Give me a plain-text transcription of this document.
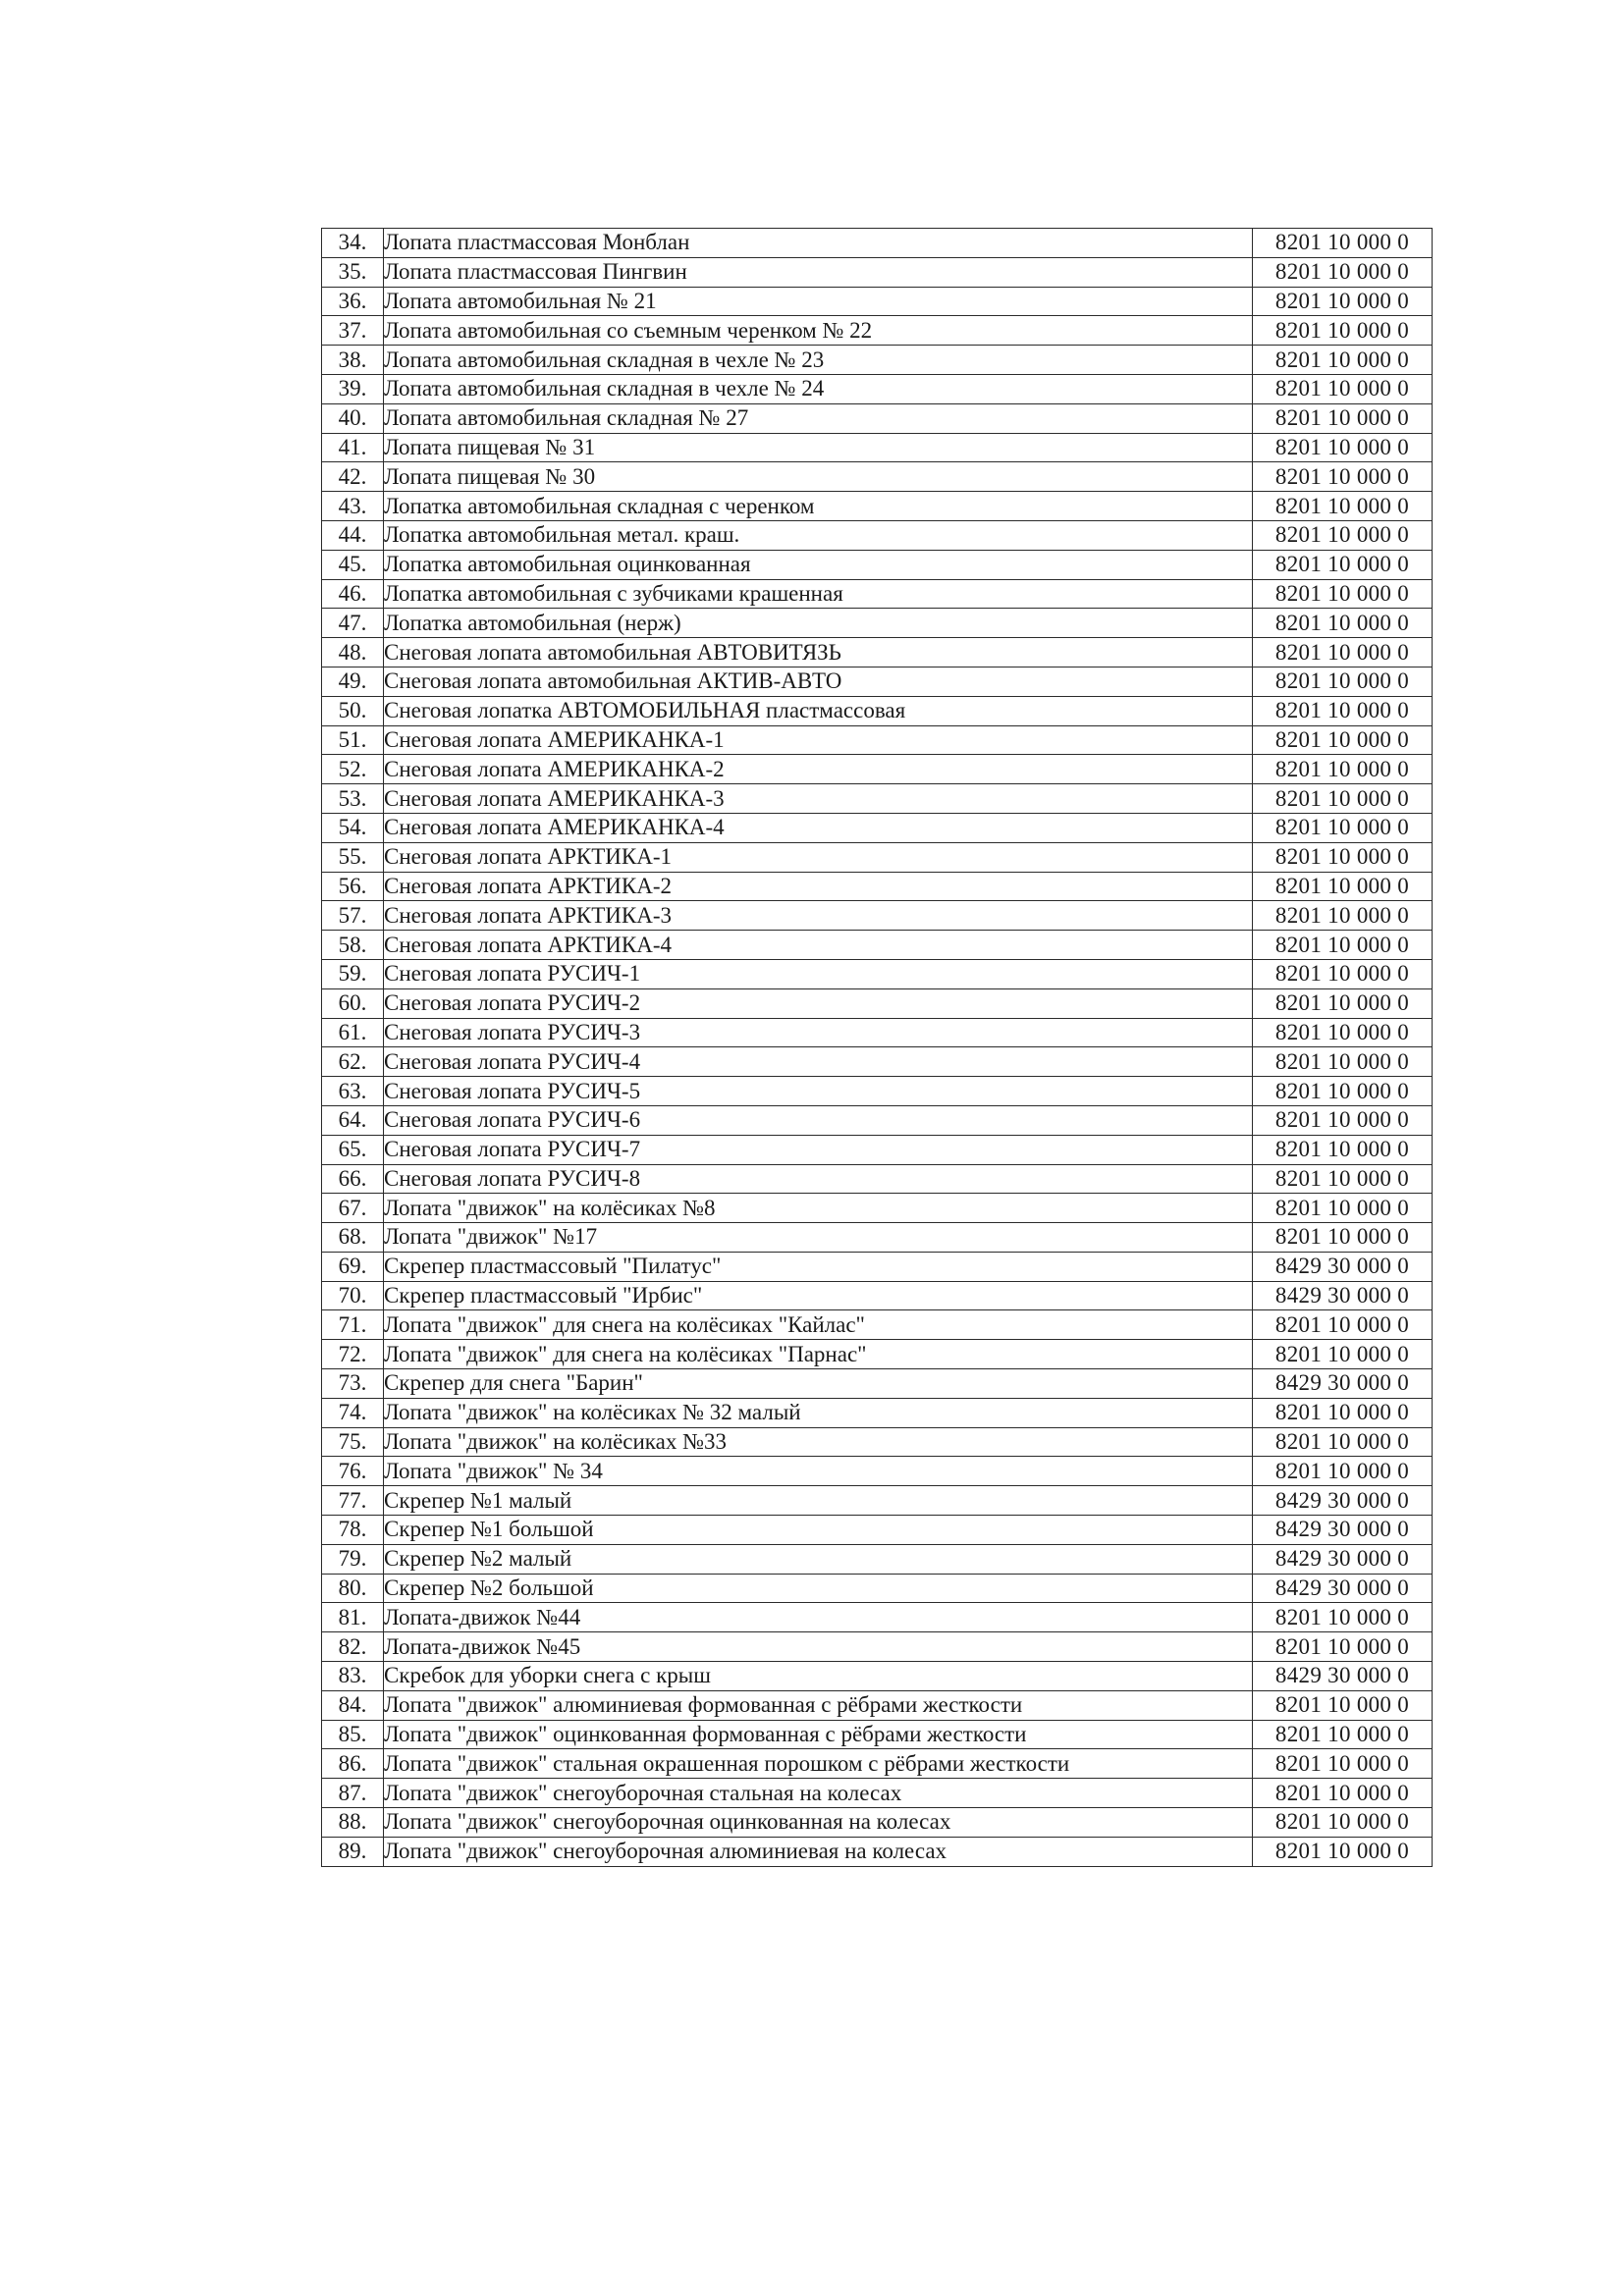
34.	Лопата пластмассовая Монблан	8201 10 000 0
35.	Лопата пластмассовая Пингвин	8201 10 000 0
36.	Лопата автомобильная № 21	8201 10 000 0
37.	Лопата автомобильная со съемным черенком № 22	8201 10 000 0
38.	Лопата автомобильная складная в чехле № 23	8201 10 000 0
39.	Лопата автомобильная складная в чехле № 24	8201 10 000 0
40.	Лопата автомобильная складная № 27	8201 10 000 0
41.	Лопата пищевая № 31	8201 10 000 0
42.	Лопата пищевая № 30	8201 10 000 0
43.	Лопатка автомобильная складная с черенком	8201 10 000 0
44.	Лопатка автомобильная метал. краш.	8201 10 000 0
45.	Лопатка автомобильная оцинкованная	8201 10 000 0
46.	Лопатка автомобильная с зубчиками крашенная	8201 10 000 0
47.	Лопатка автомобильная (нерж)	8201 10 000 0
48.	Снеговая лопата автомобильная АВТОВИТЯЗЬ	8201 10 000 0
49.	Снеговая лопата автомобильная АКТИВ-АВТО	8201 10 000 0
50.	Снеговая лопатка АВТОМОБИЛЬНАЯ пластмассовая	8201 10 000 0
51.	Снеговая лопата АМЕРИКАНКА-1	8201 10 000 0
52.	Снеговая лопата АМЕРИКАНКА-2	8201 10 000 0
53.	Снеговая лопата АМЕРИКАНКА-3	8201 10 000 0
54.	Снеговая лопата АМЕРИКАНКА-4	8201 10 000 0
55.	Снеговая лопата АРКТИКА-1	8201 10 000 0
56.	Снеговая лопата АРКТИКА-2	8201 10 000 0
57.	Снеговая лопата АРКТИКА-3	8201 10 000 0
58.	Снеговая лопата АРКТИКА-4	8201 10 000 0
59.	Снеговая лопата РУСИЧ-1	8201 10 000 0
60.	Снеговая лопата РУСИЧ-2	8201 10 000 0
61.	Снеговая лопата РУСИЧ-3	8201 10 000 0
62.	Снеговая лопата РУСИЧ-4	8201 10 000 0
63.	Снеговая лопата РУСИЧ-5	8201 10 000 0
64.	Снеговая лопата РУСИЧ-6	8201 10 000 0
65.	Снеговая лопата РУСИЧ-7	8201 10 000 0
66.	Снеговая лопата РУСИЧ-8	8201 10 000 0
67.	Лопата "движок" на колёсиках №8	8201 10 000 0
68.	Лопата "движок" №17	8201 10 000 0
69.	Скрепер пластмассовый "Пилатус"	8429 30 000 0
70.	Скрепер пластмассовый "Ирбис"	8429 30 000 0
71.	Лопата "движок" для снега на колёсиках "Кайлас"	8201 10 000 0
72.	Лопата "движок" для снега на колёсиках "Парнас"	8201 10 000 0
73.	Скрепер для снега "Барин"	8429 30 000 0
74.	Лопата "движок" на колёсиках № 32 малый	8201 10 000 0
75.	Лопата "движок" на колёсиках №33	8201 10 000 0
76.	Лопата "движок" № 34	8201 10 000 0
77.	Скрепер №1 малый	8429 30 000 0
78.	Скрепер №1 большой	8429 30 000 0
79.	Скрепер №2 малый	8429 30 000 0
80.	Скрепер №2 большой	8429 30 000 0
81.	Лопата-движок №44	8201 10 000 0
82.	Лопата-движок №45	8201 10 000 0
83.	Скребок для уборки снега с крыш	8429 30 000 0
84.	Лопата "движок" алюминиевая формованная с рёбрами жесткости	8201 10 000 0
85.	Лопата "движок" оцинкованная формованная с рёбрами жесткости	8201 10 000 0
86.	Лопата "движок" стальная окрашенная порошком с рёбрами жесткости	8201 10 000 0
87.	Лопата "движок" снегоуборочная стальная на колесах	8201 10 000 0
88.	Лопата "движок" снегоуборочная оцинкованная на колесах	8201 10 000 0
89.	Лопата "движок" снегоуборочная алюминиевая на колесах	8201 10 000 0
